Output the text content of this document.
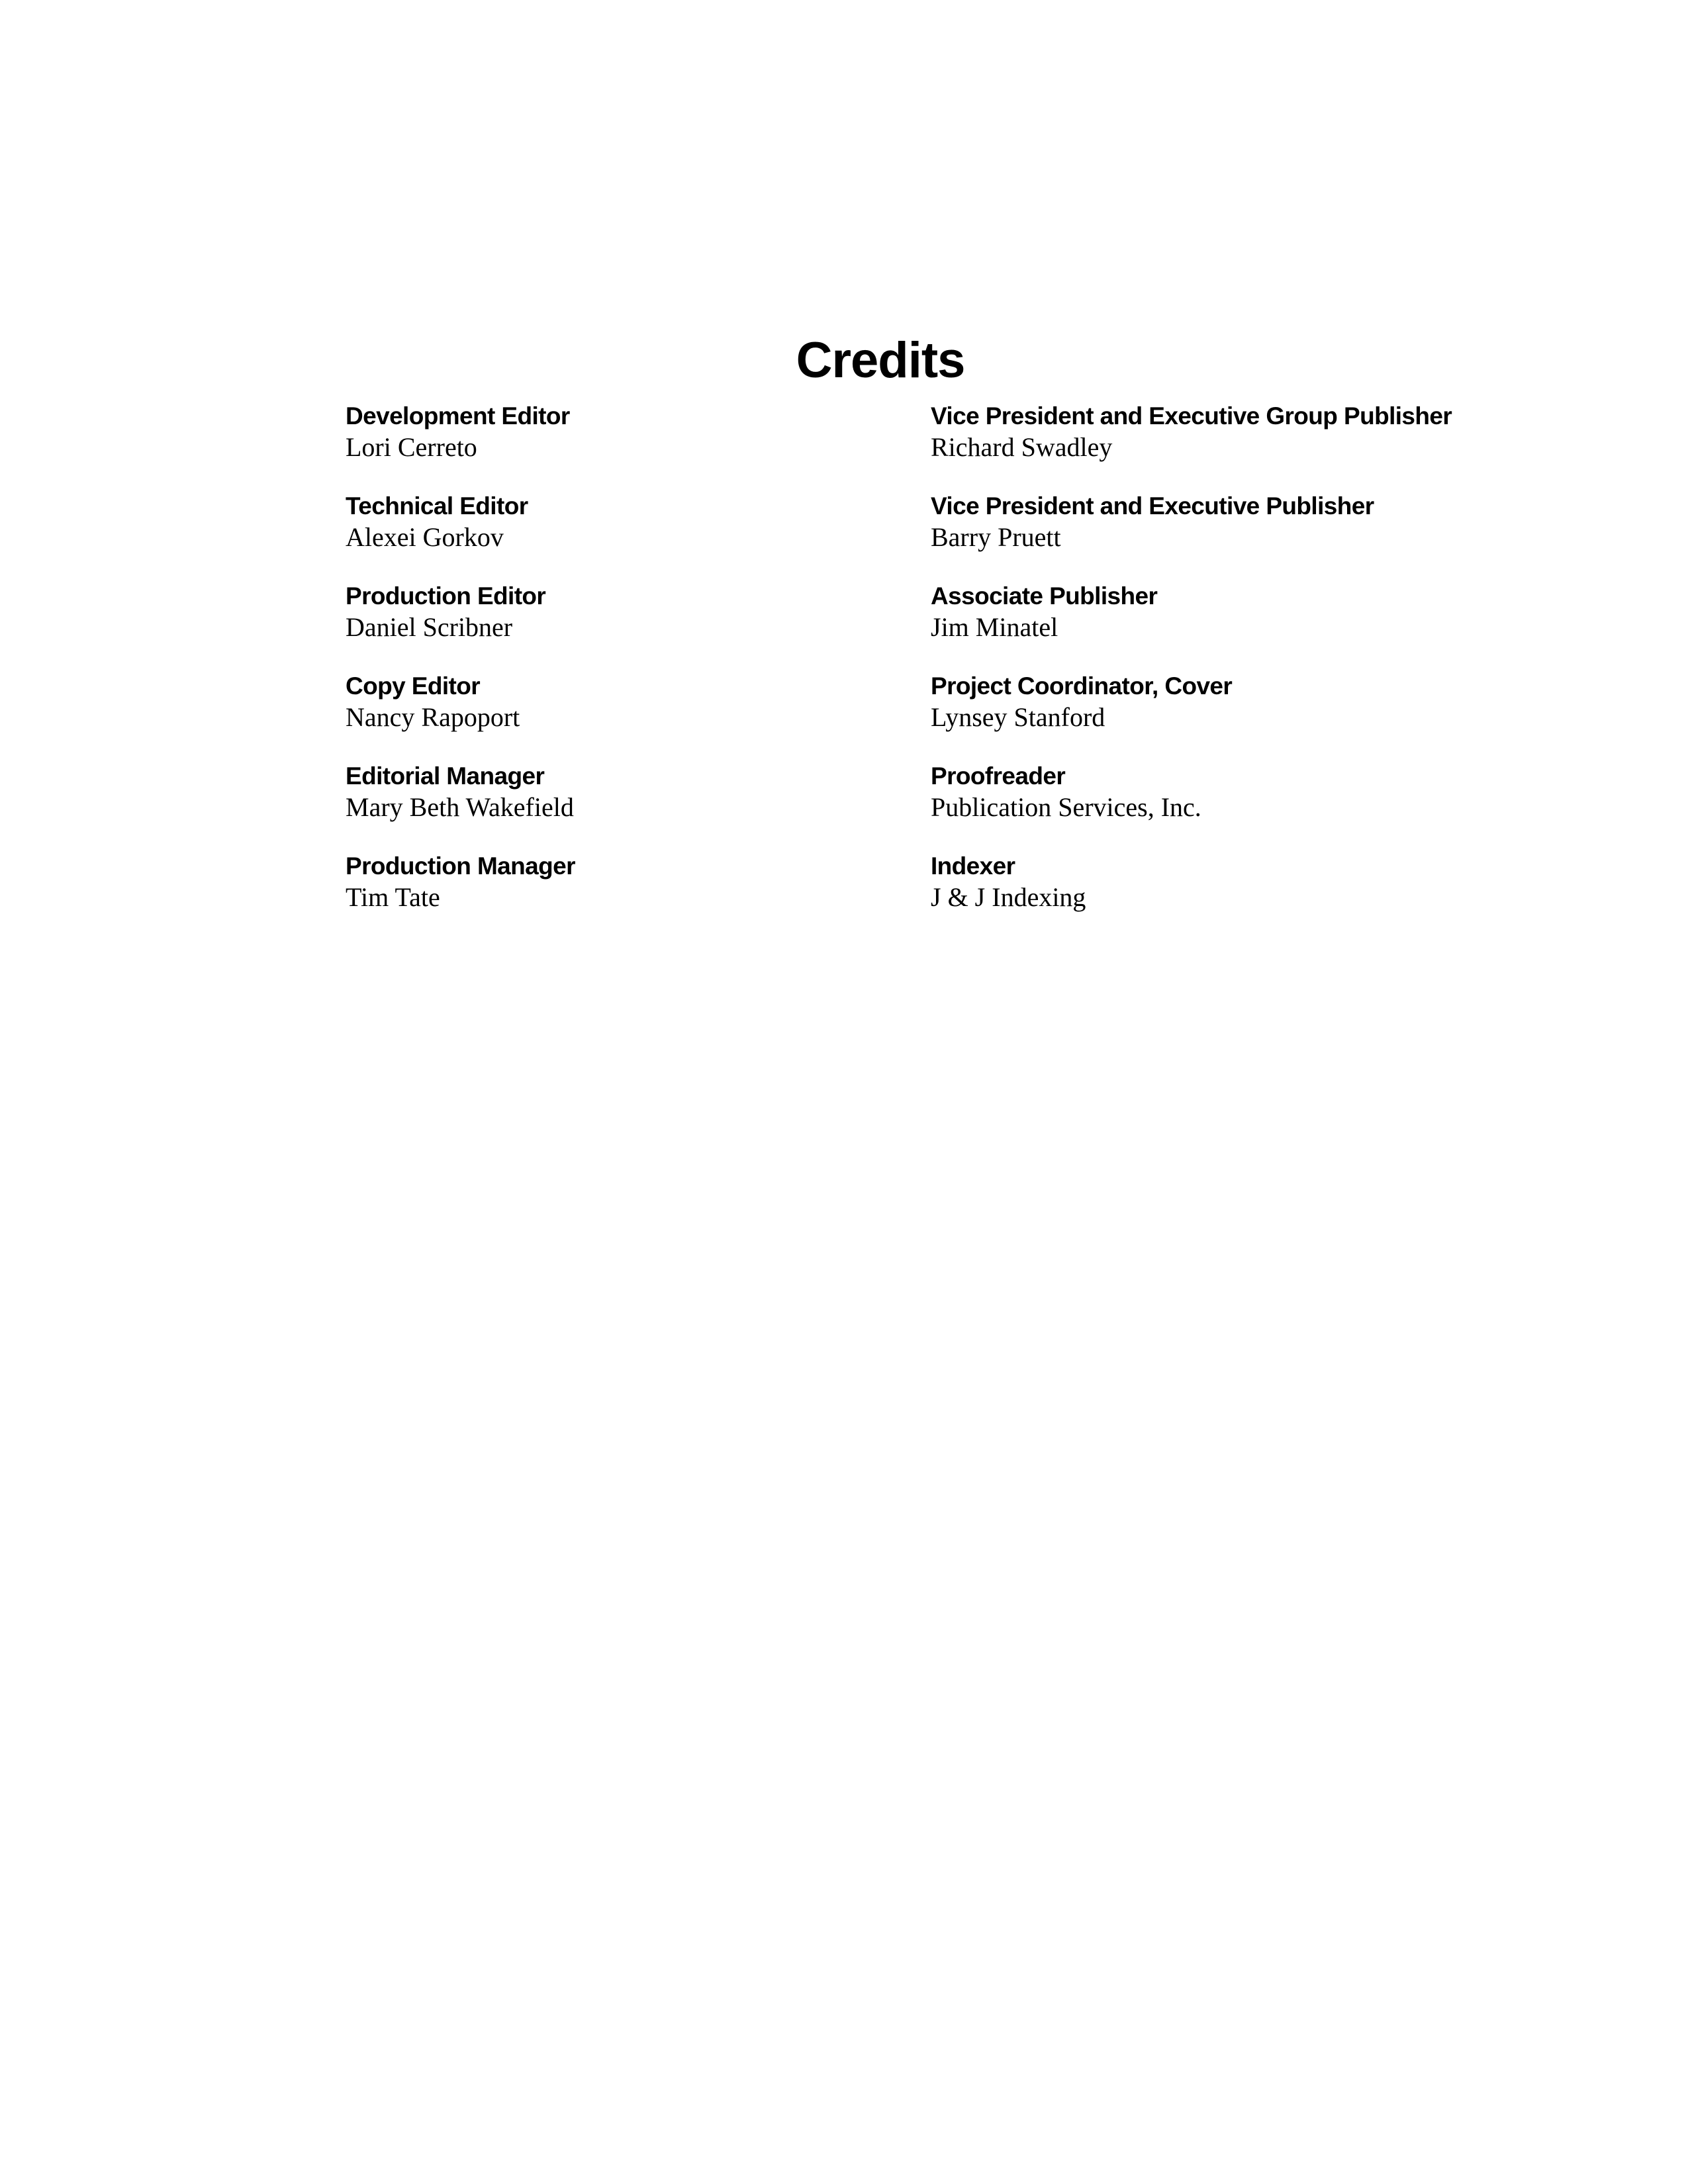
Credits
Development Editor
Lori Cerreto
Technical Editor
Alexei Gorkov
Production Editor
Daniel Scribner
Copy Editor
Nancy Rapoport
Editorial Manager
Mary Beth Wakefield
Production Manager
Tim Tate
Vice President and Executive Group Publisher
Richard Swadley
Vice President and Executive Publisher
Barry Pruett
Associate Publisher
Jim Minatel
Project Coordinator, Cover
Lynsey Stanford
Proofreader
Publication Services, Inc.
Indexer
J & J Indexing
